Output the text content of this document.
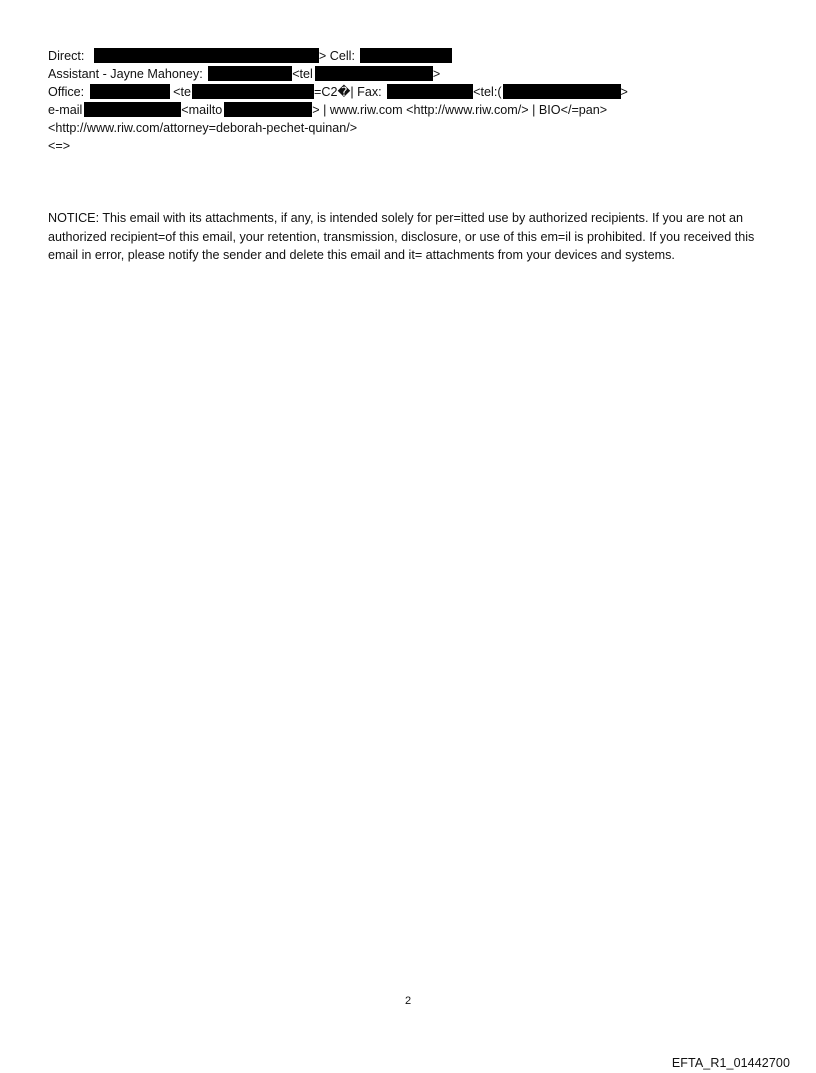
Direct:	> Cell:
Assistant - Jayne Mahoney:	<tel	>
Office:	<te	=C2�| Fax:	<tel:(	>
e-mail	<mailto	> | www.riw.com <http://www.riw.com/> | BIO</=pan>
<http://www.riw.com/attorney=deborah-pechet-quinan/>
<=>
NOTICE: This email with its attachments, if any, is intended solely for per=itted use by authorized recipients. If you are not an authorized recipient=of this email, your retention, transmission, disclosure, or use of this em=il is prohibited. If you received this email in error, please notify the sender and delete this email and it= attachments from your devices and systems.
2
EFTA_R1_01442700
